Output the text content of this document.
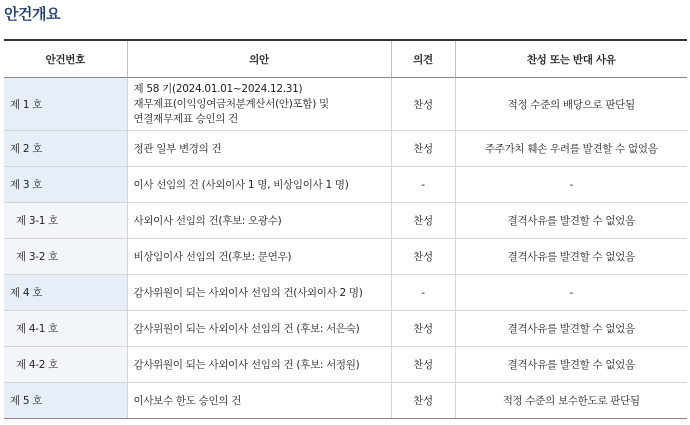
안건개요
안건번호	의안	의견	찬성 또는 반대 사유
제 1 호	제 58 기(2024.01.01~2024.12.31)
재무제표(이익잉여금처분계산서(안)포함) 및
연결재무제표 승인의 건	찬성	적정 수준의 배당으로 판단됨
제 2 호	정관 일부 변경의 건	찬성	주주가치 훼손 우려를 발견할 수 없었음
제 3 호	이사 선임의 건 (사외이사 1 명, 비상임이사 1 명)	-	-
제 3-1 호	사외이사 선임의 건(후보: 오광수)	찬성	결격사유를 발견할 수 없었음
제 3-2 호	비상임이사 선임의 건(후보: 문연우)	찬성	결격사유를 발견할 수 없었음
제 4 호	감사위원이 되는 사외이사 선임의 건(사외이사 2 명)	-	-
제 4-1 호	감사위원이 되는 사외이사 선임의 건 (후보: 서은숙)	찬성	결격사유를 발견할 수 없었음
제 4-2 호	감사위원이 되는 사외이사 선임의 건 (후보: 서정원)	찬성	결격사유를 발견할 수 없었음
제 5 호	이사보수 한도 승인의 건	찬성	적정 수준의 보수한도로 판단됨
